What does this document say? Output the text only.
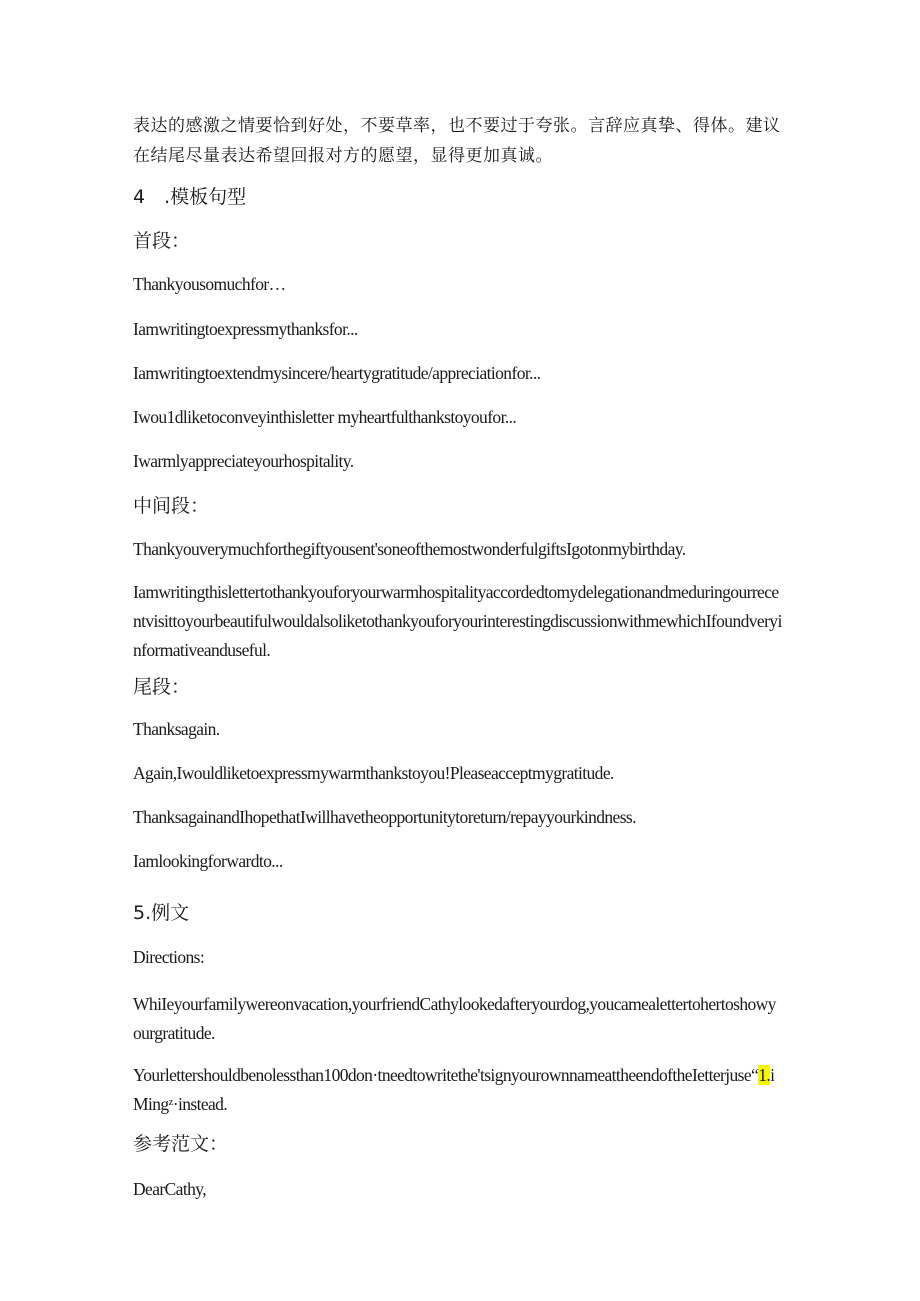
表达的感激之情要恰到好处，不要草率，也不要过于夸张。言辞应真挚、得体。建议在结尾尽量表达希望回报对方的愿望，显得更加真诚。

4　.模板句型

首段：

Thankyousomuchfor…

Iamwritingtoexpressmythanksfor...

Iamwritingtoextendmysincere/heartygratitude/appreciationfor...

Iwou1dliketoconveyinthisletter myheartfulthankstoyoufor...

Iwarmlyappreciateyourhospitality.

中间段：

Thankyouverymuchforthegiftyousent'soneofthemostwonderfulgiftsIgotonmybirthday.

IamwritingthislettertothankyouforyourwarmhospitalityaccordedtomydelegationandmeduringourrecentvisittoyourbeautifulwouldalsoliketothankyouforyourinterestingdiscussionwithmewhichIfoundveryinformativeanduseful.

尾段：

Thanksagain.

Again,Iwouldliketoexpressmywarmthankstoyou!Pleaseacceptmygratitude.

ThanksagainandIhopethatIwillhavetheopportunitytoreturn/repayyourkindness.

Iamlookingforwardto...

5.例文

Directions:

WhiIeyourfamilywereonvacation,yourfriendCathylookedafteryourdog,youcamealettertohertoshowyourgratitude.

Yourlettershouldbenolessthan100don·tneedtowritethe'tsignyourownnameattheendoftheIetterjuse“1.iMingᶻ·instead.

参考范文：

DearCathy,
